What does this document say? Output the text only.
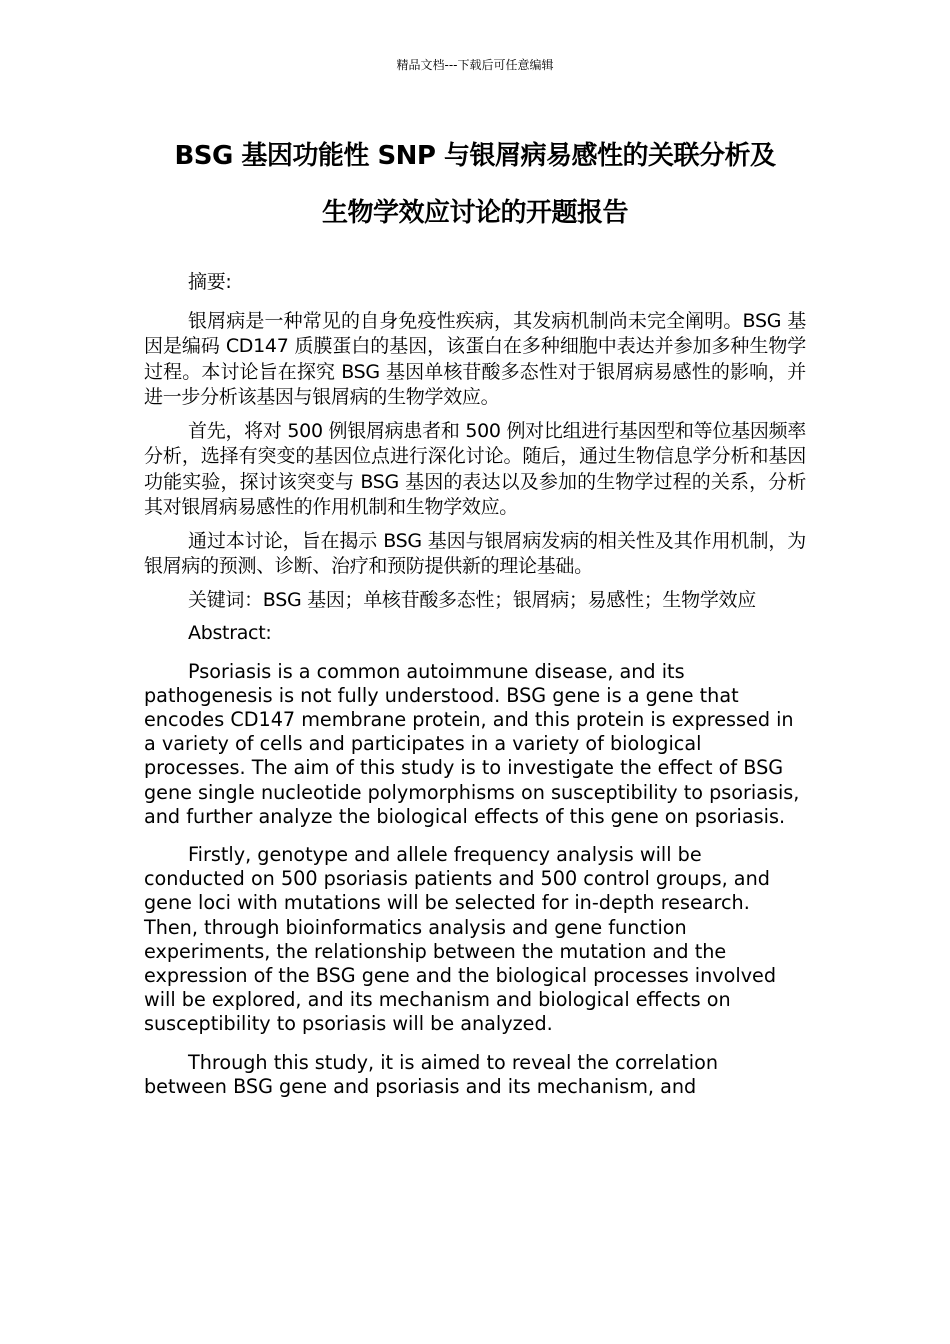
精品文档---下载后可任意编辑
BSG 基因功能性 SNP 与银屑病易感性的关联分析及
生物学效应讨论的开题报告

摘要:

银屑病是一种常见的自身免疫性疾病，其发病机制尚未完全阐明。BSG 基因是编码 CD147 质膜蛋白的基因，该蛋白在多种细胞中表达并参加多种生物学过程。本讨论旨在探究 BSG 基因单核苷酸多态性对于银屑病易感性的影响，并进一步分析该基因与银屑病的生物学效应。

首先，将对 500 例银屑病患者和 500 例对比组进行基因型和等位基因频率分析，选择有突变的基因位点进行深化讨论。随后，通过生物信息学分析和基因功能实验，探讨该突变与 BSG 基因的表达以及参加的生物学过程的关系，分析其对银屑病易感性的作用机制和生物学效应。

通过本讨论，旨在揭示 BSG 基因与银屑病发病的相关性及其作用机制，为银屑病的预测、诊断、治疗和预防提供新的理论基础。

关键词：BSG 基因；单核苷酸多态性；银屑病；易感性；生物学效应

Abstract:

Psoriasis is a common autoimmune disease, and its pathogenesis is not fully understood. BSG gene is a gene that encodes CD147 membrane protein, and this protein is expressed in a variety of cells and participates in a variety of biological processes. The aim of this study is to investigate the effect of BSG gene single nucleotide polymorphisms on susceptibility to psoriasis, and further analyze the biological effects of this gene on psoriasis.

Firstly, genotype and allele frequency analysis will be conducted on 500 psoriasis patients and 500 control groups, and gene loci with mutations will be selected for in-depth research. Then, through bioinformatics analysis and gene function experiments, the relationship between the mutation and the expression of the BSG gene and the biological processes involved will be explored, and its mechanism and biological effects on susceptibility to psoriasis will be analyzed.

Through this study, it is aimed to reveal the correlation between BSG gene and psoriasis and its mechanism, and
